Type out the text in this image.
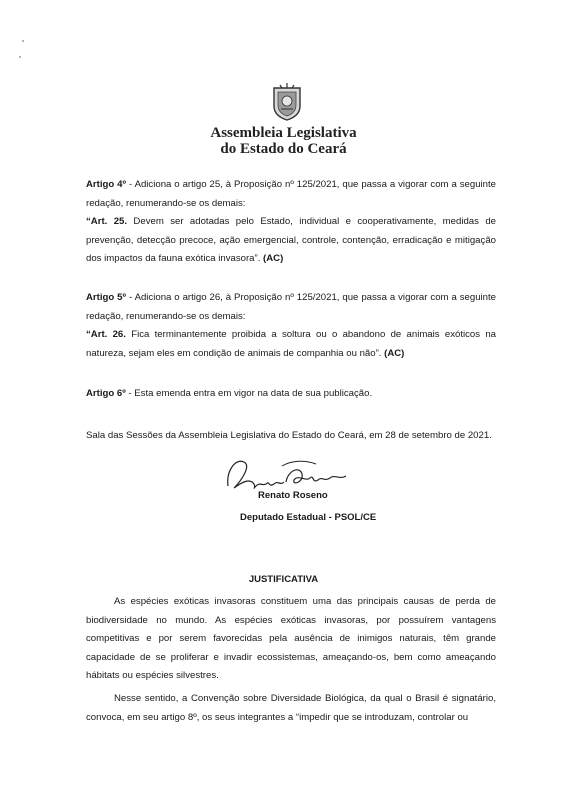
Assembleia Legislativa
do Estado do Ceará

Artigo 4º - Adiciona o artigo 25, à Proposição nº 125/2021, que passa a vigorar com a seguinte redação, renumerando-se os demais:

“Art. 25. Devem ser adotadas pelo Estado, individual e cooperativamente, medidas de prevenção, detecção precoce, ação emergencial, controle, contenção, erradicação e mitigação dos impactos da fauna exótica invasora”. (AC)

Artigo 5º - Adiciona o artigo 26, à Proposição nº 125/2021, que passa a vigorar com a seguinte redação, renumerando-se os demais:

“Art. 26. Fica terminantemente proibida a soltura ou o abandono de animais exóticos na natureza, sejam eles em condição de animais de companhia ou não”. (AC)

Artigo 6º - Esta emenda entra em vigor na data de sua publicação.

Sala das Sessões da Assembleia Legislativa do Estado do Ceará, em 28 de setembro de 2021.

Renato Roseno
Deputado Estadual - PSOL/CE
JUSTIFICATIVA

As espécies exóticas invasoras constituem uma das principais causas de perda de biodiversidade no mundo. As espécies exóticas invasoras, por possuírem vantagens competitivas e por serem favorecidas pela ausência de inimigos naturais, têm grande capacidade de se proliferar e invadir ecossistemas, ameaçando-os, bem como ameaçando hábitats ou espécies silvestres.

Nesse sentido, a Convenção sobre Diversidade Biológica, da qual o Brasil é signatário, convoca, em seu artigo 8º, os seus integrantes a “impedir que se introduzam, controlar ou
